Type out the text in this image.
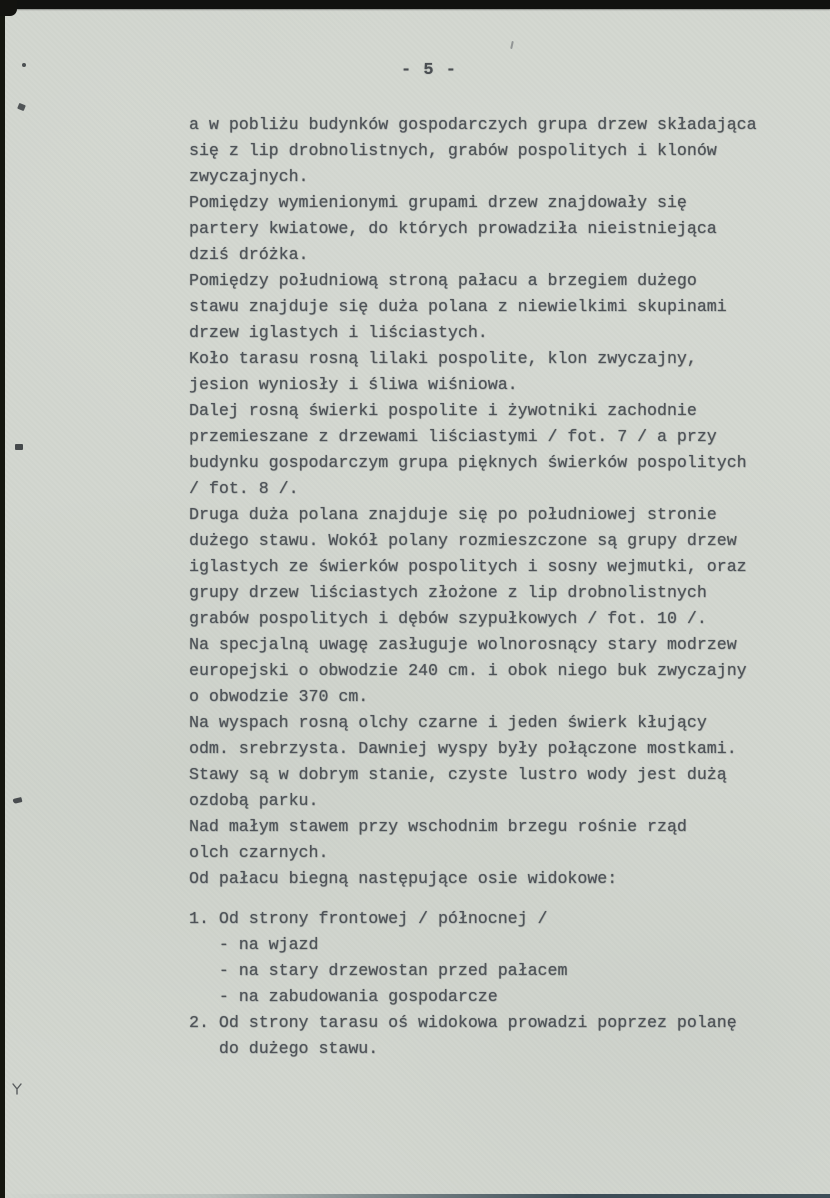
- 5 -
a w pobliżu budynków gospodarczych grupa drzew składająca
się z lip drobnolistnych, grabów pospolitych i klonów
zwyczajnych.
Pomiędzy wymienionymi grupami drzew znajdowały się
partery kwiatowe, do których prowadziła nieistniejąca
dziś dróżka.
Pomiędzy południową stroną pałacu a brzegiem dużego
stawu znajduje się duża polana z niewielkimi skupinami
drzew iglastych i liściastych.
Koło tarasu rosną lilaki pospolite, klon zwyczajny,
jesion wyniosły i śliwa wiśniowa.
Dalej rosną świerki pospolite i żywotniki zachodnie
przemieszane z drzewami liściastymi / fot. 7 / a przy
budynku gospodarczym grupa pięknych świerków pospolitych
/ fot. 8 /.
Druga duża polana znajduje się po południowej stronie
dużego stawu. Wokół polany rozmieszczone są grupy drzew
iglastych ze świerków pospolitych i sosny wejmutki, oraz
grupy drzew liściastych złożone z lip drobnolistnych
grabów pospolitych i dębów szypułkowych / fot. 10 /.
Na specjalną uwagę zasługuje wolnorosnący stary modrzew
europejski o obwodzie 240 cm. i obok niego buk zwyczajny
o obwodzie 370 cm.
Na wyspach rosną olchy czarne i jeden świerk kłujący
odm. srebrzysta. Dawniej wyspy były połączone mostkami.
Stawy są w dobrym stanie, czyste lustro wody jest dużą
ozdobą parku.
Nad małym stawem przy wschodnim brzegu rośnie rząd
olch czarnych.
Od pałacu biegną następujące osie widokowe:
1. Od strony frontowej / północnej /
- na wjazd
- na stary drzewostan przed pałacem
- na zabudowania gospodarcze
2. Od strony tarasu oś widokowa prowadzi poprzez polanę
do dużego stawu.
